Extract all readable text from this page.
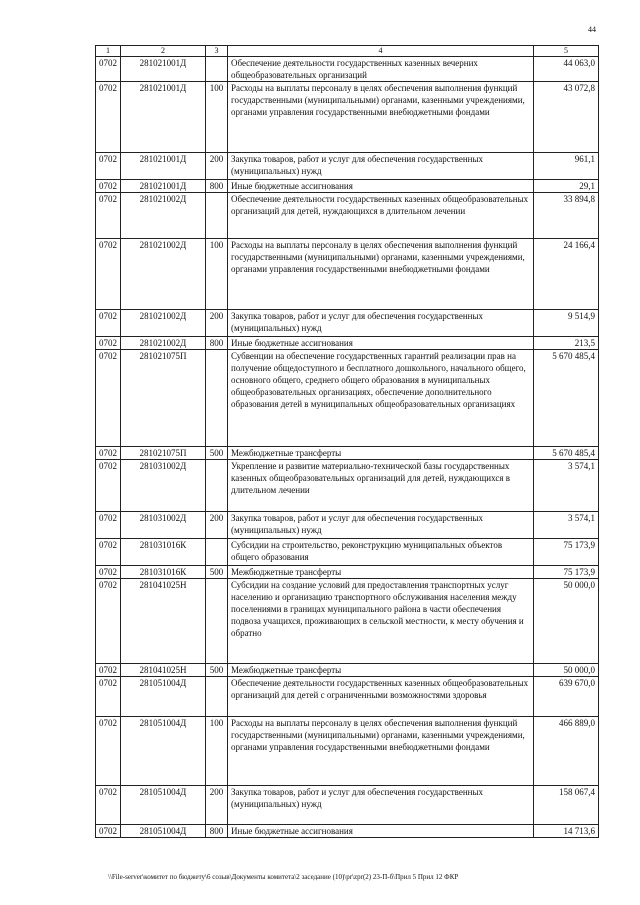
44
1	2	3	4	5
0702	281021001Д		Обеспечение деятельности государственных казенных вечерних общеобразовательных организаций	44 063,0
0702	281021001Д	100	Расходы на выплаты персоналу в целях обеспечения выполнения функций государственными (муниципальными) органами, казенными учреждениями, органами управления государственными внебюджетными фондами	43 072,8
0702	281021001Д	200	Закупка товаров, работ и услуг для обеспечения государственных (муниципальных) нужд	961,1
0702	281021001Д	800	Иные бюджетные ассигнования	29,1
0702	281021002Д		Обеспечение деятельности государственных казенных общеобразовательных организаций для детей, нуждающихся в длительном лечении	33 894,8
0702	281021002Д	100	Расходы на выплаты персоналу в целях обеспечения выполнения функций государственными (муниципальными) органами, казенными учреждениями, органами управления государственными внебюджетными фондами	24 166,4
0702	281021002Д	200	Закупка товаров, работ и услуг для обеспечения государственных (муниципальных) нужд	9 514,9
0702	281021002Д	800	Иные бюджетные ассигнования	213,5
0702	281021075П		Субвенции на обеспечение государственных гарантий реализации прав на получение общедоступного и бесплатного дошкольного, начального общего, основного общего, среднего общего образования в муниципальных общеобразовательных организациях, обеспечение дополнительного образования детей в муниципальных общеобразовательных организациях	5 670 485,4
0702	281021075П	500	Межбюджетные трансферты	5 670 485,4
0702	281031002Д		Укрепление и развитие материально-технической базы государственных казенных общеобразовательных организаций для детей, нуждающихся в длительном лечении	3 574,1
0702	281031002Д	200	Закупка товаров, работ и услуг для обеспечения государственных (муниципальных) нужд	3 574,1
0702	281031016К		Субсидии на строительство, реконструкцию муниципальных объектов общего образования	75 173,9
0702	281031016К	500	Межбюджетные трансферты	75 173,9
0702	281041025Н		Субсидии на создание условий для предоставления транспортных услуг населению и организацию транспортного обслуживания населения между поселениями в границах муниципального района в части обеспечения подвоза учащихся, проживающих в сельской местности, к месту обучения и обратно	50 000,0
0702	281041025Н	500	Межбюджетные трансферты	50 000,0
0702	281051004Д		Обеспечение деятельности государственных казенных общеобразовательных организаций для детей с ограниченными возможностями здоровья	639 670,0
0702	281051004Д	100	Расходы на выплаты персоналу в целях обеспечения выполнения функций государственными (муниципальными) органами, казенными учреждениями, органами управления государственными внебюджетными фондами	466 889,0
0702	281051004Д	200	Закупка товаров, работ и услуг для обеспечения государственных (муниципальных) нужд	158 067,4
0702	281051004Д	800	Иные бюджетные ассигнования	14 713,6
\\File-server\комитет по бюджету\6 созыв\Документы комитета\2 заседание (10)\pr\zpr(2) 23-П-б\Прил 5 Прил 12 ФКР
